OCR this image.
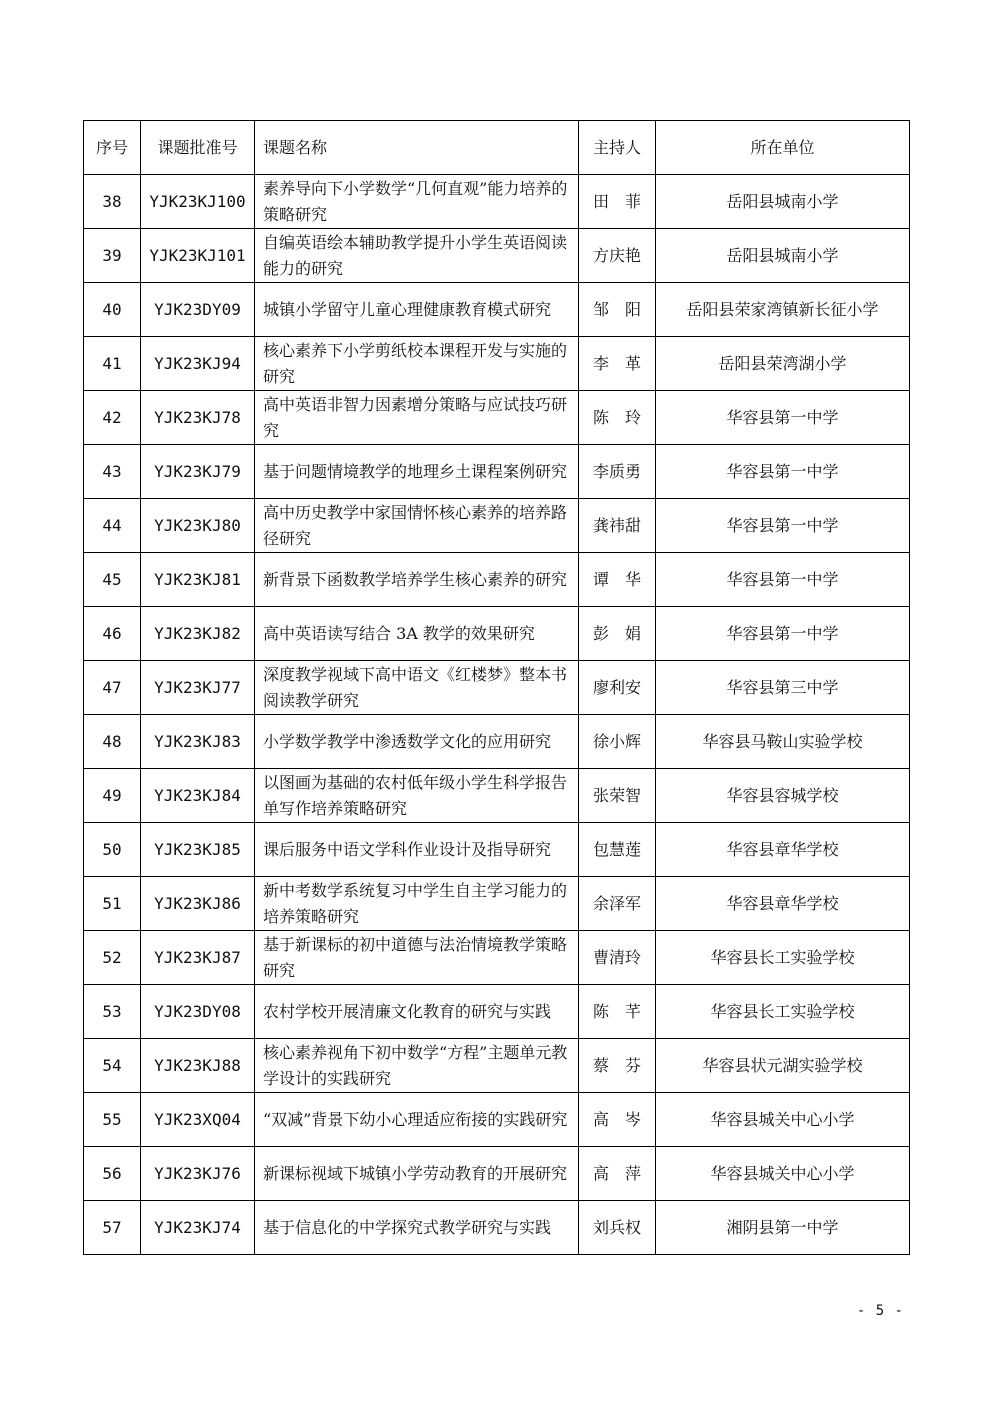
序号	课题批准号	课题名称	主持人	所在单位
38	YJK23KJ100	素养导向下小学数学“几何直观”能力培养的策略研究	田　菲	岳阳县城南小学
39	YJK23KJ101	自编英语绘本辅助教学提升小学生英语阅读能力的研究	方庆艳	岳阳县城南小学
40	YJK23DY09	城镇小学留守儿童心理健康教育模式研究	邹　阳	岳阳县荣家湾镇新长征小学
41	YJK23KJ94	核心素养下小学剪纸校本课程开发与实施的研究	李　革	岳阳县荣湾湖小学
42	YJK23KJ78	高中英语非智力因素增分策略与应试技巧研究	陈　玲	华容县第一中学
43	YJK23KJ79	基于问题情境教学的地理乡土课程案例研究	李质勇	华容县第一中学
44	YJK23KJ80	高中历史教学中家国情怀核心素养的培养路径研究	龚祎甜	华容县第一中学
45	YJK23KJ81	新背景下函数教学培养学生核心素养的研究	谭　华	华容县第一中学
46	YJK23KJ82	高中英语读写结合 3A 教学的效果研究	彭　娟	华容县第一中学
47	YJK23KJ77	深度教学视域下高中语文《红楼梦》整本书阅读教学研究	廖利安	华容县第三中学
48	YJK23KJ83	小学数学教学中渗透数学文化的应用研究	徐小辉	华容县马鞍山实验学校
49	YJK23KJ84	以图画为基础的农村低年级小学生科学报告单写作培养策略研究	张荣智	华容县容城学校
50	YJK23KJ85	课后服务中语文学科作业设计及指导研究	包慧莲	华容县章华学校
51	YJK23KJ86	新中考数学系统复习中学生自主学习能力的培养策略研究	余泽军	华容县章华学校
52	YJK23KJ87	基于新课标的初中道德与法治情境教学策略研究	曹清玲	华容县长工实验学校
53	YJK23DY08	农村学校开展清廉文化教育的研究与实践	陈　芊	华容县长工实验学校
54	YJK23KJ88	核心素养视角下初中数学“方程”主题单元教学设计的实践研究	蔡　芬	华容县状元湖实验学校
55	YJK23XQ04	“双减”背景下幼小心理适应衔接的实践研究	高　岑	华容县城关中心小学
56	YJK23KJ76	新课标视域下城镇小学劳动教育的开展研究	高　萍	华容县城关中心小学
57	YJK23KJ74	基于信息化的中学探究式教学研究与实践	刘兵权	湘阴县第一中学
- 5 -
